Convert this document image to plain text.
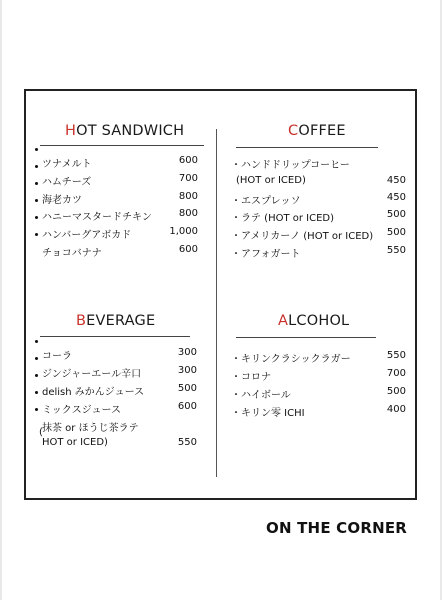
HOT SANDWICH
ツナメルト	600
ハムチーズ	700
海老カツ	800
ハニーマスタードチキン	800
ハンバーグアボカド	1,000
チョコバナナ	600
COFFEE
・ハンドドリップコーヒー
(HOT or ICED)	450
・エスプレッソ	450
・ラテ (HOT or ICED)	500
・アメリカーノ (HOT or ICED)	500
・アフォガート	550
BEVERAGE
コーラ	300
ジンジャーエール辛口	300
delish みかんジュース	500
ミックスジュース	600
抹茶 or ほうじ茶ラテ
(
HOT or ICED)	550
ALCOHOL
・キリンクラシックラガー	550
・コロナ	700
・ハイボール	500
・キリン零 ICHI	400
ON THE CORNER
